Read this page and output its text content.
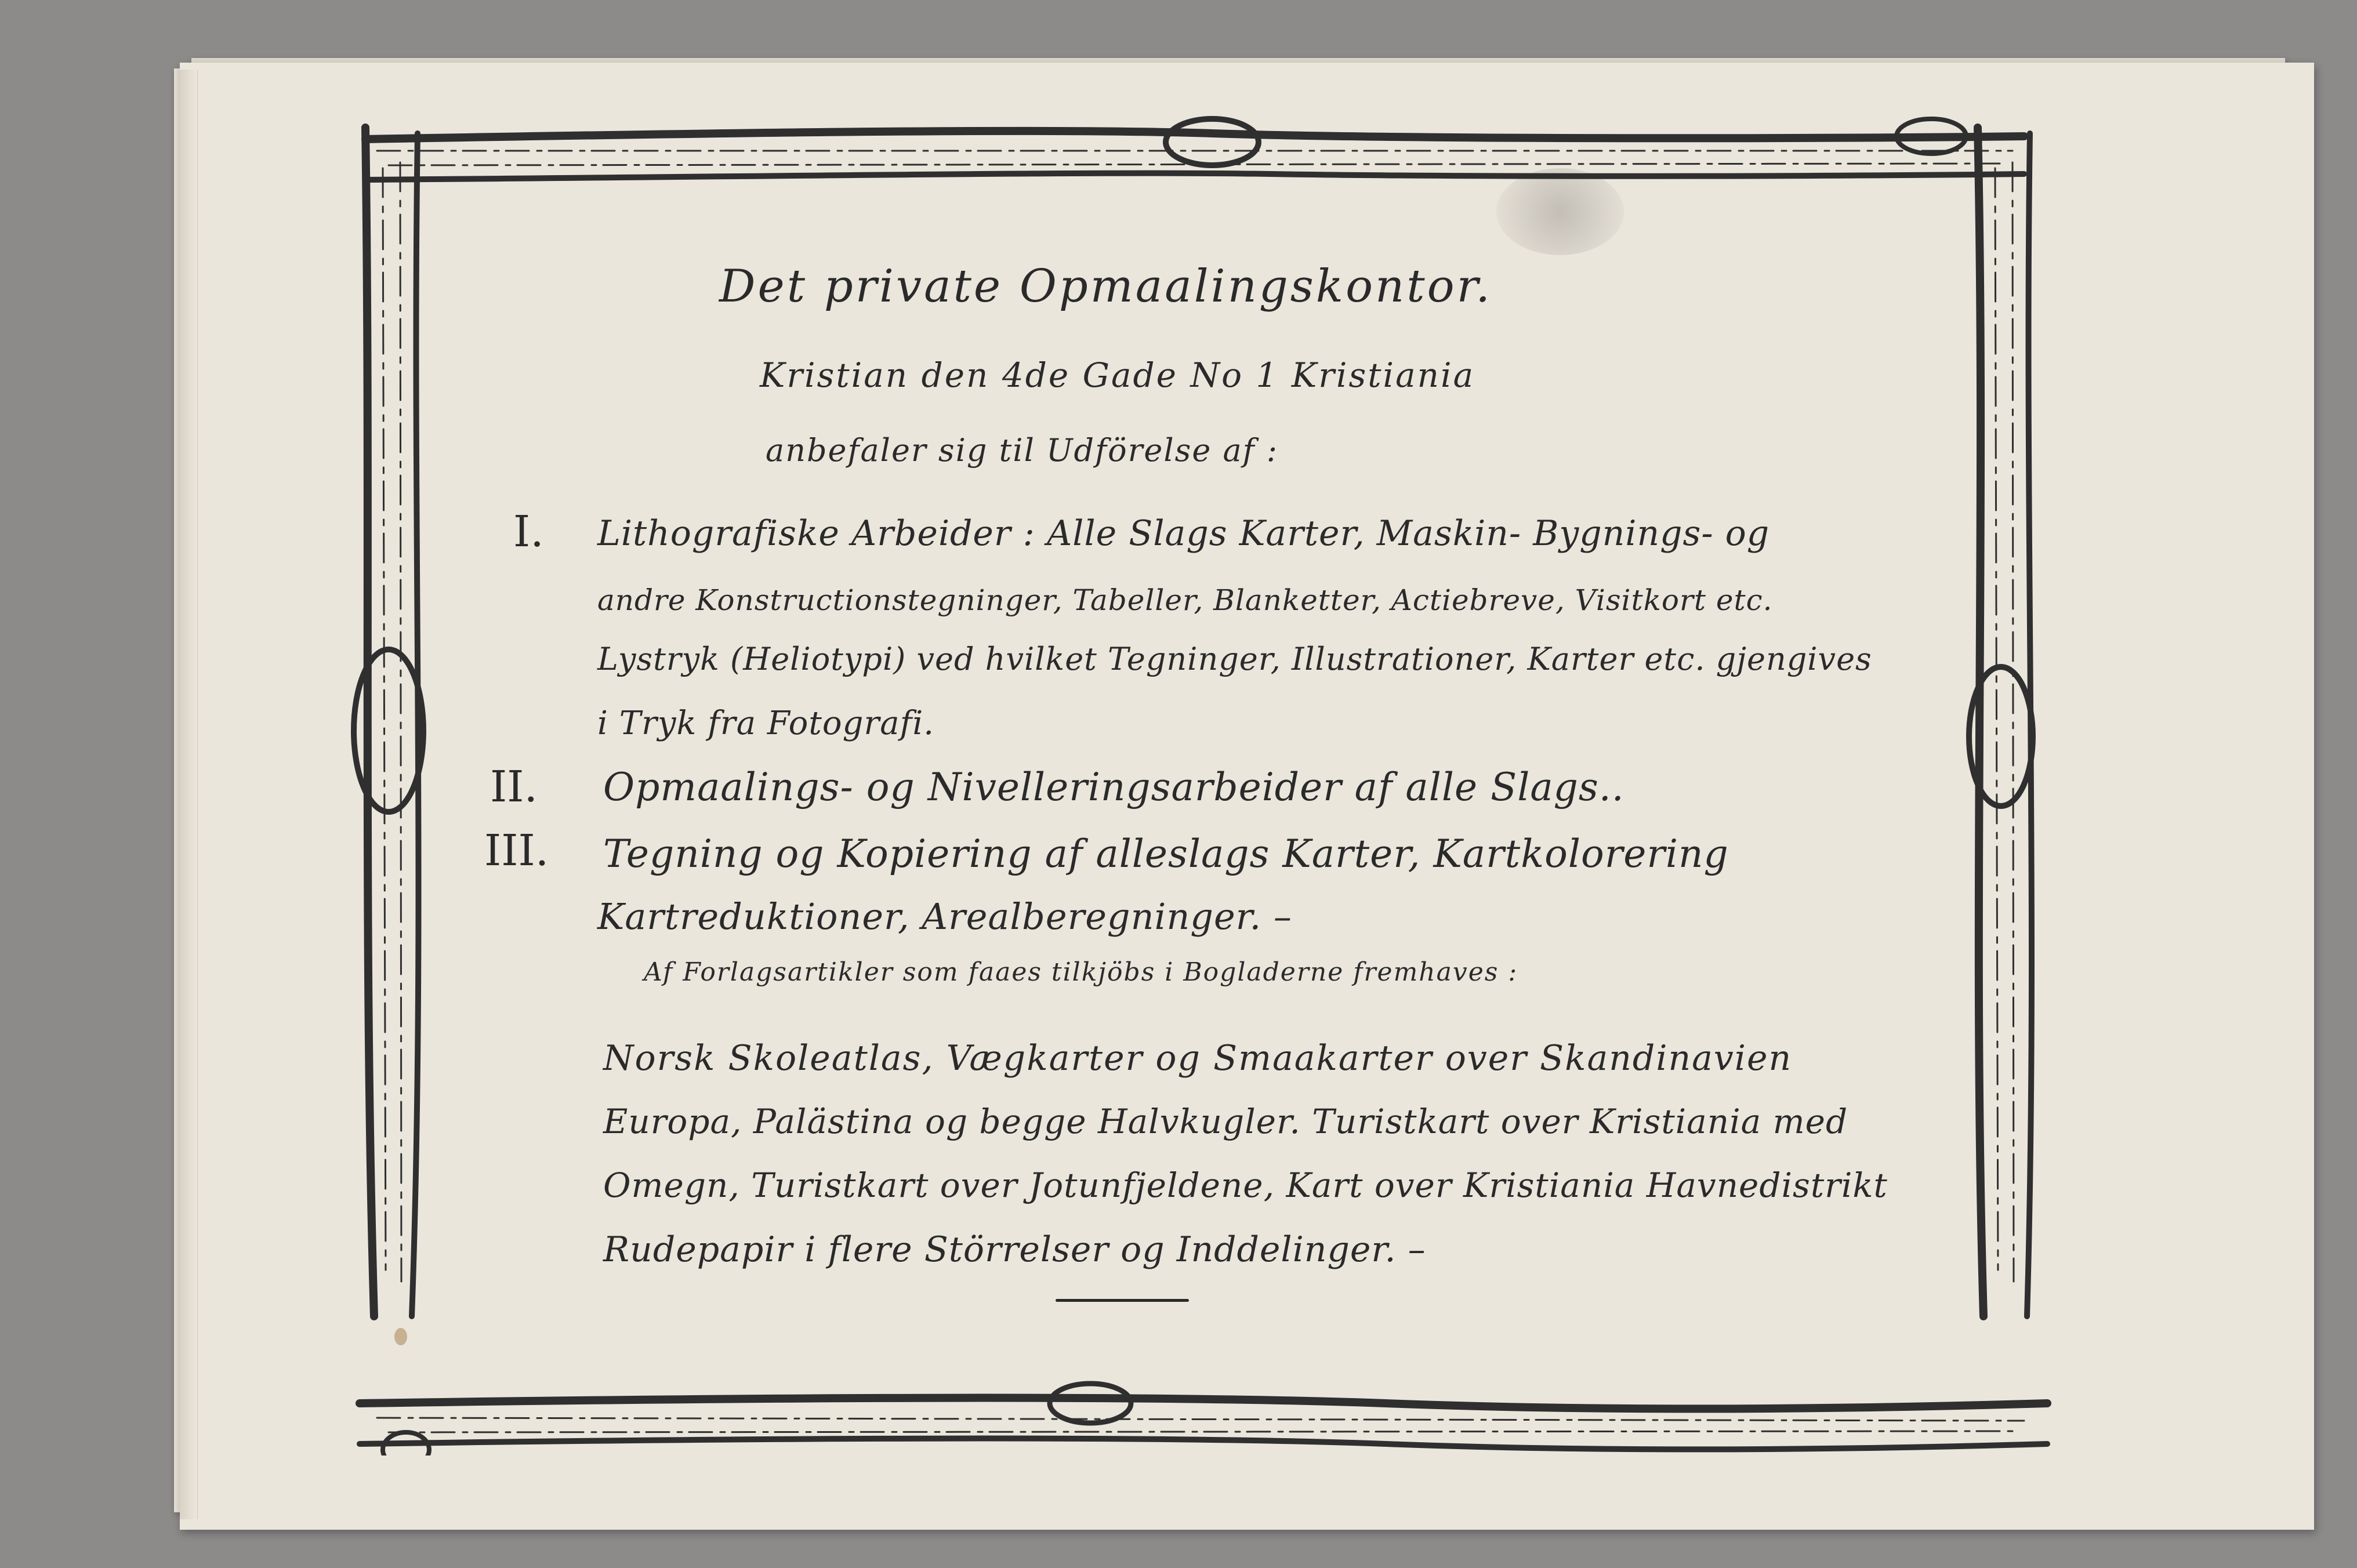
Det private Opmaalingskontor.
Kristian den 4de Gade No 1 Kristiania
anbefaler sig til Udförelse af :
I. Lithografiske Arbeider : Alle Slags Karter, Maskin- Bygnings- og
andre Konstructionstegninger, Tabeller, Blanketter, Actiebreve, Visitkort etc.
Lystryk (Heliotypi) ved hvilket Tegninger, Illustrationer, Karter etc. gjengives
i Tryk fra Fotografi.
II. Opmaalings- og Nivelleringsarbeider af alle Slags..
III. Tegning og Kopiering af alleslags Karter, Kartkolorering
Kartreduktioner, Arealberegninger. –
Af Forlagsartikler som faaes tilkjöbs i Bogladerne fremhaves :
Norsk Skoleatlas, Vægkarter og Smaakarter over Skandinavien
Europa, Palästina og begge Halvkugler. Turistkart over Kristiania med
Omegn, Turistkart over Jotunfjeldene, Kart over Kristiania Havnedistrikt
Rudepapir i flere Störrelser og Inddelinger. –
